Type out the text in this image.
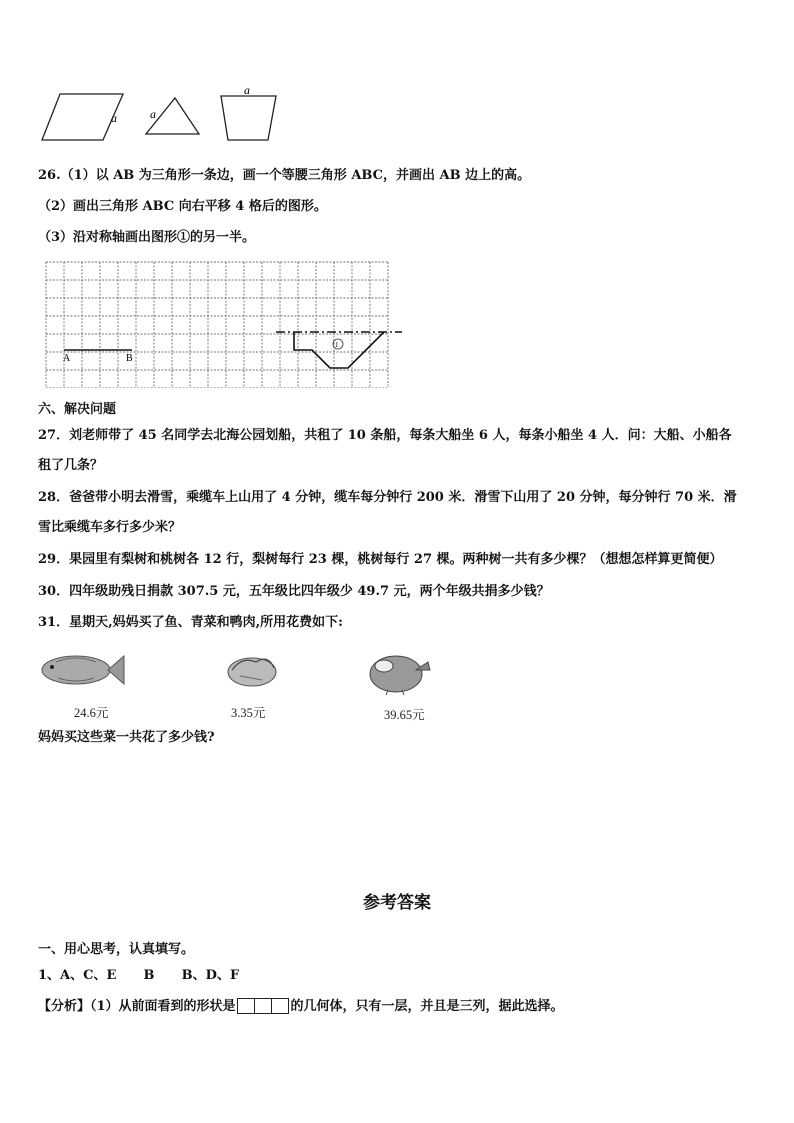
a	a
a
26.（1）以 AB 为三角形一条边，画一个等腰三角形 ABC，并画出 AB 边上的高。
（2）画出三角形 ABC 向右平移 4 格后的图形。
（3）沿对称轴画出图形①的另一半。
A	B
1
六、解决问题
27．刘老师带了 45 名同学去北海公园划船，共租了 10 条船，每条大船坐 6 人，每条小船坐 4 人．问：大船、小船各
租了几条？
28．爸爸带小明去滑雪，乘缆车上山用了 4 分钟，缆车每分钟行 200 米．滑雪下山用了 20 分钟，每分钟行 70 米．滑
雪比乘缆车多行多少米？
29．果园里有梨树和桃树各 12 行，梨树每行 23 棵，桃树每行 27 棵。两种树一共有多少棵？（想想怎样算更简便）
30．四年级助残日捐款 307.5 元，五年级比四年级少 49.7 元，两个年级共捐多少钱？
31．星期天,妈妈买了鱼、青菜和鸭肉,所用花费如下:
24.6元	3.35元	39.65元
妈妈买这些菜一共花了多少钱?
参考答案
一、用心思考，认真填写。
1、A、C、E      B      B、D、F
【分析】（1）从前面看到的形状是	的几何体，只有一层，并且是三列，据此选择。
